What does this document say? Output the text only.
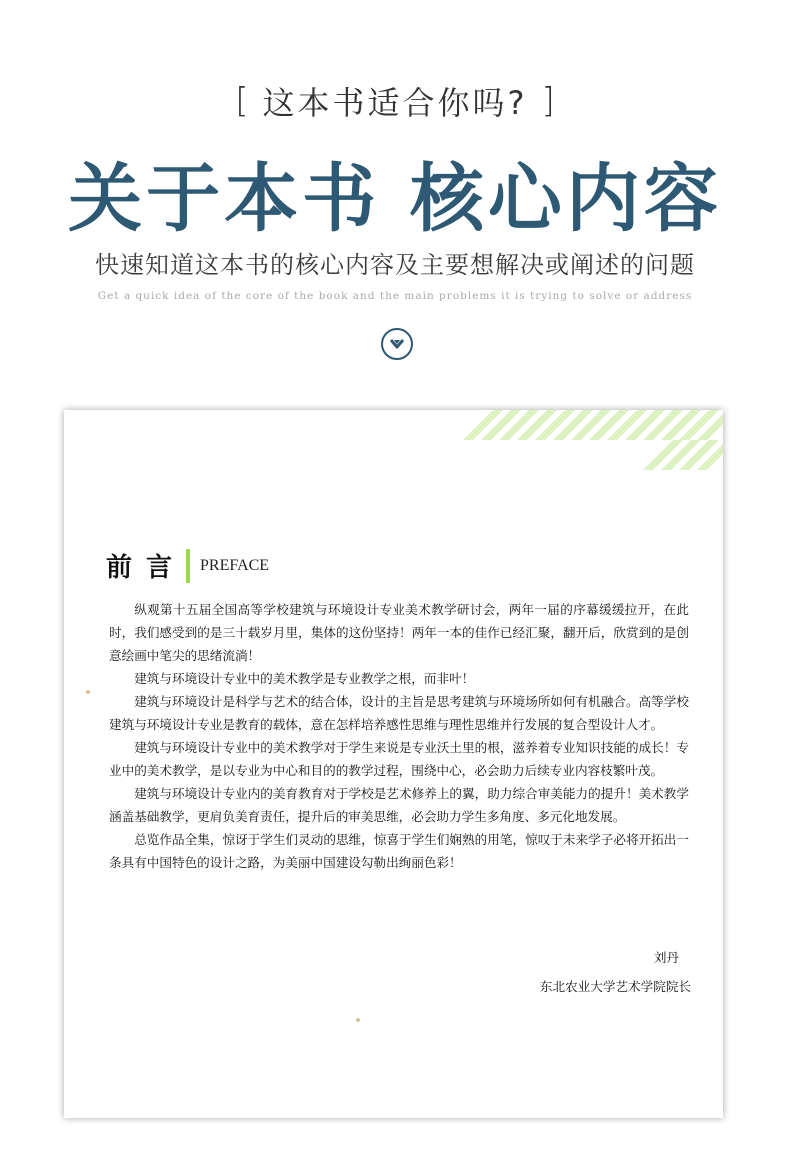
[ 这本书适合你吗? ]
关于本书 核心内容
快速知道这本书的核心内容及主要想解决或阐述的问题
Get a quick idea of the core of the book and the main problems it is trying to solve or address
前言 PREFACE

纵观第十五届全国高等学校建筑与环境设计专业美术教学研讨会，两年一届的序幕缓缓拉开，在此时，我们感受到的是三十载岁月里，集体的这份坚持！两年一本的佳作已经汇聚，翻开后，欣赏到的是创意绘画中笔尖的思绪流淌！

建筑与环境设计专业中的美术教学是专业教学之根，而非叶！

建筑与环境设计是科学与艺术的结合体，设计的主旨是思考建筑与环境场所如何有机融合。高等学校建筑与环境设计专业是教育的载体，意在怎样培养感性思维与理性思维并行发展的复合型设计人才。

建筑与环境设计专业中的美术教学对于学生来说是专业沃土里的根，滋养着专业知识技能的成长！专业中的美术教学，是以专业为中心和目的的教学过程，围绕中心，必会助力后续专业内容枝繁叶茂。

建筑与环境设计专业内的美育教育对于学校是艺术修养上的翼，助力综合审美能力的提升！美术教学涵盖基础教学，更肩负美育责任，提升后的审美思维，必会助力学生多角度、多元化地发展。

总览作品全集，惊讶于学生们灵动的思维，惊喜于学生们娴熟的用笔，惊叹于未来学子必将开拓出一条具有中国特色的设计之路，为美丽中国建设勾勒出绚丽色彩！

刘丹
东北农业大学艺术学院院长
